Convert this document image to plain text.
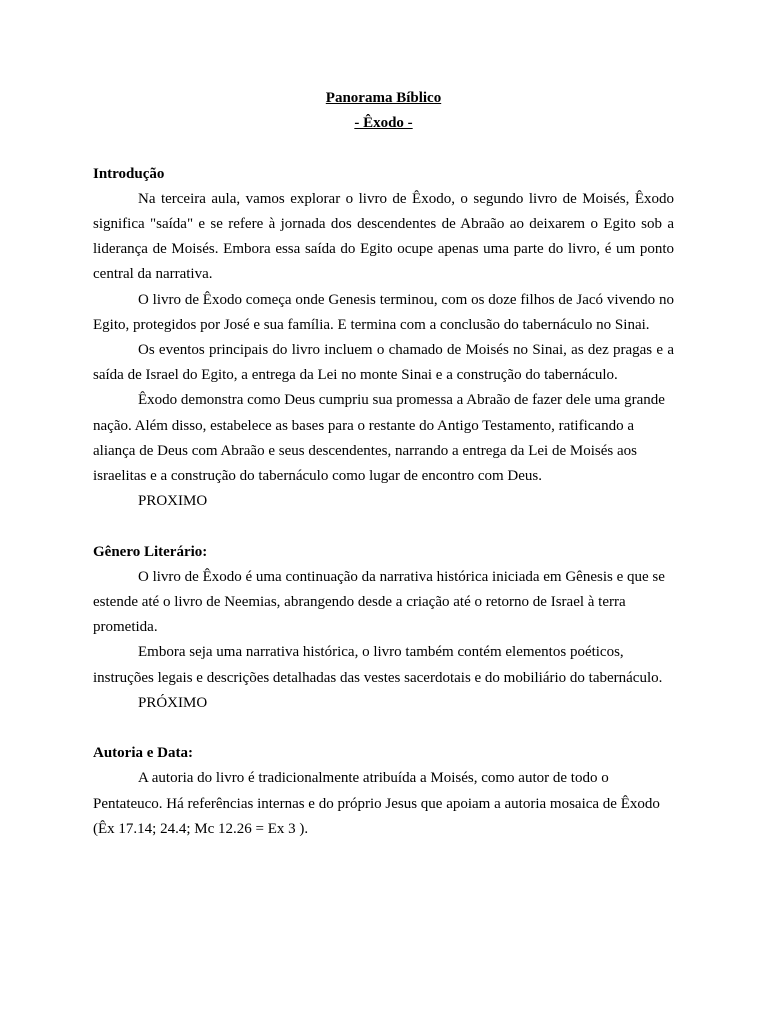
Panorama Bíblico

- Êxodo -

Introdução

Na terceira aula, vamos explorar o livro de Êxodo, o segundo livro de Moisés, Êxodo significa "saída" e se refere à jornada dos descendentes de Abraão ao deixarem o Egito sob a liderança de Moisés. Embora essa saída do Egito ocupe apenas uma parte do livro, é um ponto central da narrativa.

O livro de Êxodo começa onde Genesis terminou, com os doze filhos de Jacó vivendo no Egito, protegidos por José e sua família. E termina com a conclusão do tabernáculo no Sinai.

Os eventos principais do livro incluem o chamado de Moisés no Sinai, as dez pragas e a saída de Israel do Egito, a entrega da Lei no monte Sinai e a construção do tabernáculo.

Êxodo demonstra como Deus cumpriu sua promessa a Abraão de fazer dele uma grande nação. Além disso, estabelece as bases para o restante do Antigo Testamento, ratificando a aliança de Deus com Abraão e seus descendentes, narrando a entrega da Lei de Moisés aos israelitas e a construção do tabernáculo como lugar de encontro com Deus.

PROXIMO

Gênero Literário:

O livro de Êxodo é uma continuação da narrativa histórica iniciada em Gênesis e que se estende até o livro de Neemias, abrangendo desde a criação até o retorno de Israel à terra prometida.

Embora seja uma narrativa histórica, o livro também contém elementos poéticos, instruções legais e descrições detalhadas das vestes sacerdotais e do mobiliário do tabernáculo.

PRÓXIMO

Autoria e Data:

A autoria do livro é tradicionalmente atribuída a Moisés, como autor de todo o Pentateuco. Há referências internas e do próprio Jesus que apoiam a autoria mosaica de Êxodo (Êx 17.14; 24.4; Mc 12.26 = Ex 3 ).
